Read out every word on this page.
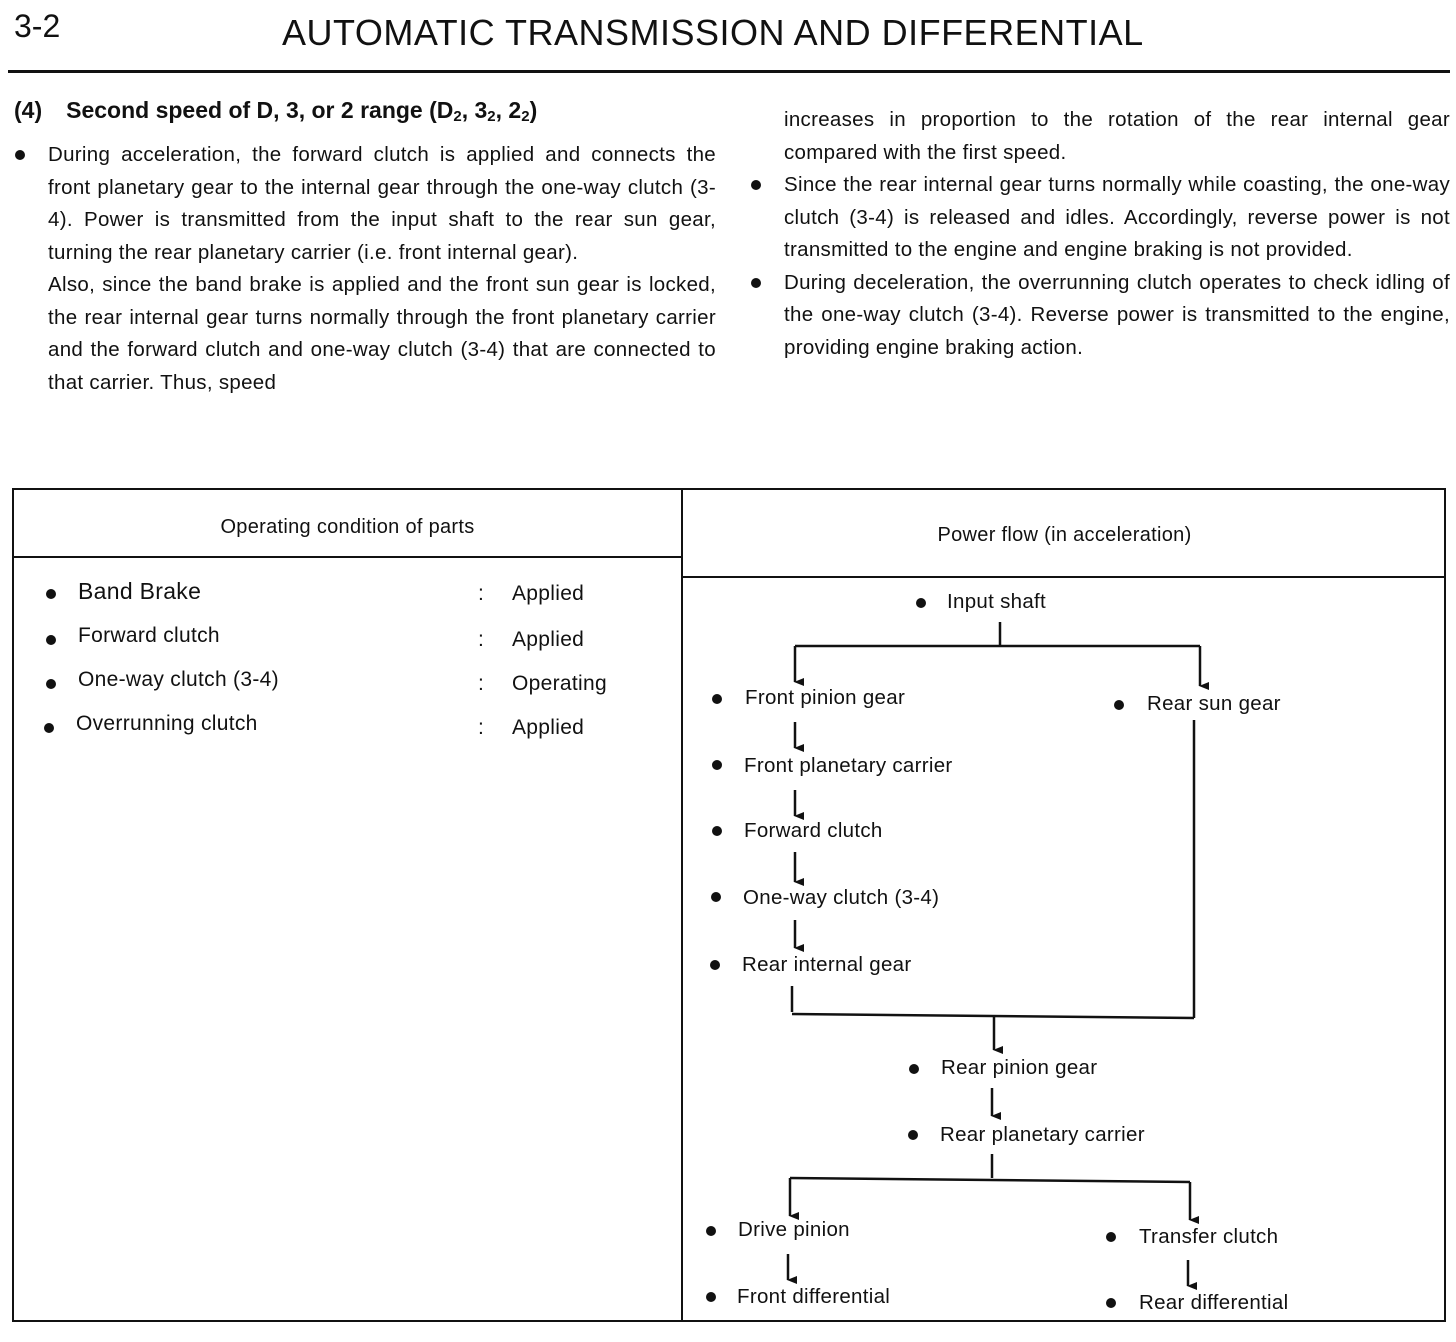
3-2	AUTOMATIC TRANSMISSION AND DIFFERENTIAL
(4) Second speed of D, 3, or 2 range ($D_2$, $3_2$, $2_2$)

During acceleration, the forward clutch is applied and connects the front planetary gear to the internal gear through the one-way clutch (3-4). Power is transmitted from the input shaft to the rear sun gear, turning the rear planetary carrier (i.e. front internal gear).

Also, since the band brake is applied and the front sun gear is locked, the rear internal gear turns normally through the front planetary carrier and the forward clutch and one-way clutch (3-4) that are connected to that carrier. Thus, speed

increases in proportion to the rotation of the rear internal gear compared with the first speed.

Since the rear internal gear turns normally while coasting, the one-way clutch (3-4) is released and idles. Accordingly, reverse power is not transmitted to the engine and engine braking is not provided.

During deceleration, the overrunning clutch operates to check idling of the one-way clutch (3-4). Reverse power is transmitted to the engine, providing engine braking action.

Operating condition of parts	Power flow (in acceleration)
Band Brake	: Applied
Forward clutch	: Applied
One-way clutch (3-4)	: Operating
Overrunning clutch	: Applied
Input shaft
Front pinion gear	Rear sun gear
Front planetary carrier
Forward clutch
One-way clutch (3-4)
Rear internal gear
Rear pinion gear
Rear planetary carrier
Drive pinion	Transfer clutch
Front differential	Rear differential
